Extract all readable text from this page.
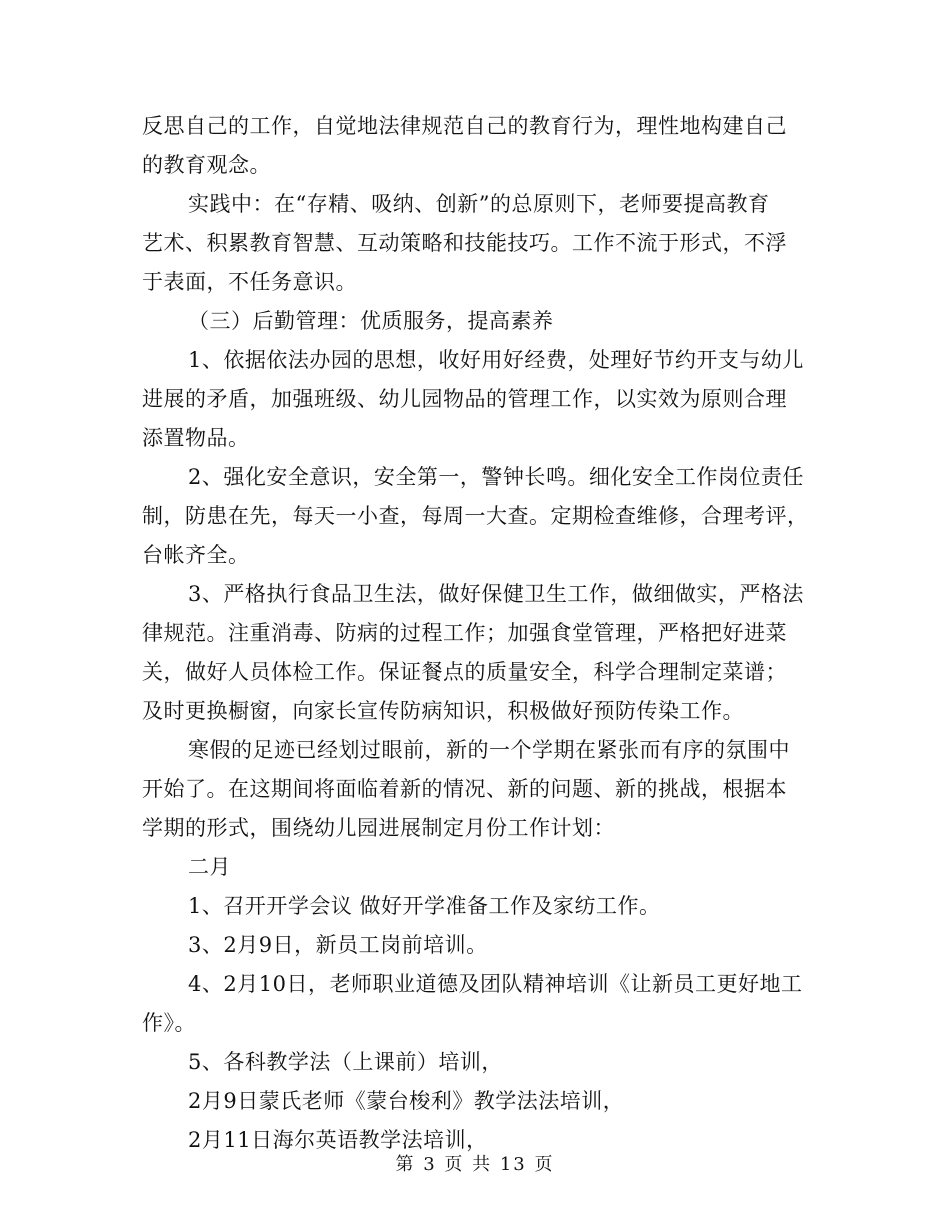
反思自己的工作，自觉地法律规范自己的教育行为，理性地构建自己
的教育观念。
实践中：在“存精、吸纳、创新”的总原则下，老师要提高教育
艺术、积累教育智慧、互动策略和技能技巧。工作不流于形式，不浮
于表面，不任务意识。
（三）后勤管理：优质服务，提高素养
1、依据依法办园的思想，收好用好经费，处理好节约开支与幼儿
进展的矛盾，加强班级、幼儿园物品的管理工作，以实效为原则合理
添置物品。
2、强化安全意识，安全第一，警钟长鸣。细化安全工作岗位责任
制，防患在先，每天一小查，每周一大查。定期检查维修，合理考评，
台帐齐全。
3、严格执行食品卫生法，做好保健卫生工作，做细做实，严格法
律规范。注重消毒、防病的过程工作；加强食堂管理，严格把好进菜
关，做好人员体检工作。保证餐点的质量安全，科学合理制定菜谱；
及时更换橱窗，向家长宣传防病知识，积极做好预防传染工作。
寒假的足迹已经划过眼前，新的一个学期在紧张而有序的氛围中
开始了。在这期间将面临着新的情况、新的问题、新的挑战，根据本
学期的形式，围绕幼儿园进展制定月份工作计划：
二月
1、召开开学会议 做好开学准备工作及家纺工作。
3、2月9日，新员工岗前培训。
4、2月10日，老师职业道德及团队精神培训《让新员工更好地工
作》。
5、各科教学法（上课前）培训，
2月9日蒙氏老师《蒙台梭利》教学法法培训，
2月11日海尔英语教学法培训，
第 3 页 共 13 页
